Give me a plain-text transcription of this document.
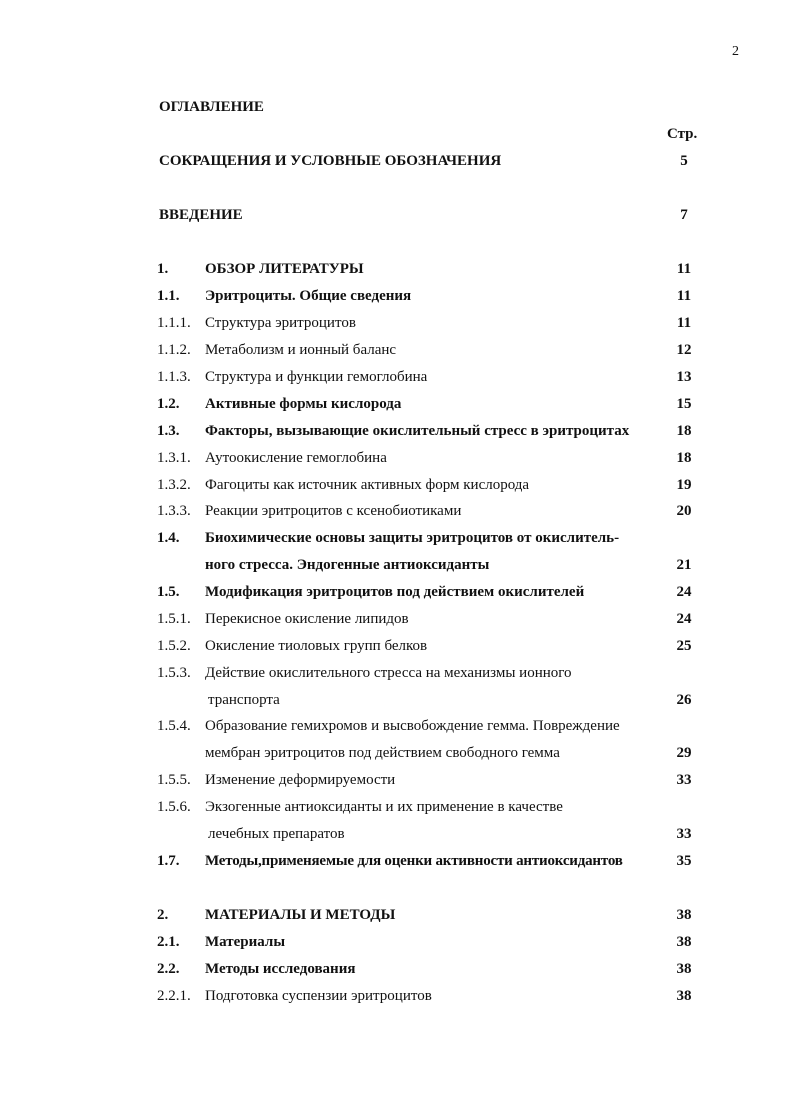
2
ОГЛАВЛЕНИЕ
Стр.
СОКРАЩЕНИЯ И УСЛОВНЫЕ ОБОЗНАЧЕНИЯ	5
ВВЕДЕНИЕ	7
1. ОБЗОР ЛИТЕРАТУРЫ	11
1.1. Эритроциты. Общие сведения	11
1.1.1. Структура эритроцитов	11
1.1.2. Метаболизм и ионный баланс	12
1.1.3. Структура и функции гемоглобина	13
1.2. Активные формы кислорода	15
1.3. Факторы, вызывающие окислительный стресс в эритроцитах	18
1.3.1. Аутоокисление гемоглобина	18
1.3.2. Фагоциты как источник активных форм кислорода	19
1.3.3. Реакции эритроцитов с ксенобиотиками	20
1.4. Биохимические основы защиты эритроцитов от окислитель-
ного стресса. Эндогенные антиоксиданты	21
1.5. Модификация эритроцитов под действием окислителей	24
1.5.1. Перекисное окисление липидов	24
1.5.2. Окисление тиоловых групп белков	25
1.5.3. Действие окислительного стресса на механизмы ионного
транспорта	26
1.5.4. Образование гемихромов и высвобождение гемма. Повреждение
мембран эритроцитов под действием свободного гемма	29
1.5.5. Изменение деформируемости	33
1.5.6. Экзогенные антиоксиданты и их применение в качестве
лечебных препаратов	33
1.7. Методы,применяемые для оценки активности антиоксидантов	35
2. МАТЕРИАЛЫ И МЕТОДЫ	38
2.1. Материалы	38
2.2. Методы исследования	38
2.2.1. Подготовка суспензии эритроцитов	38
